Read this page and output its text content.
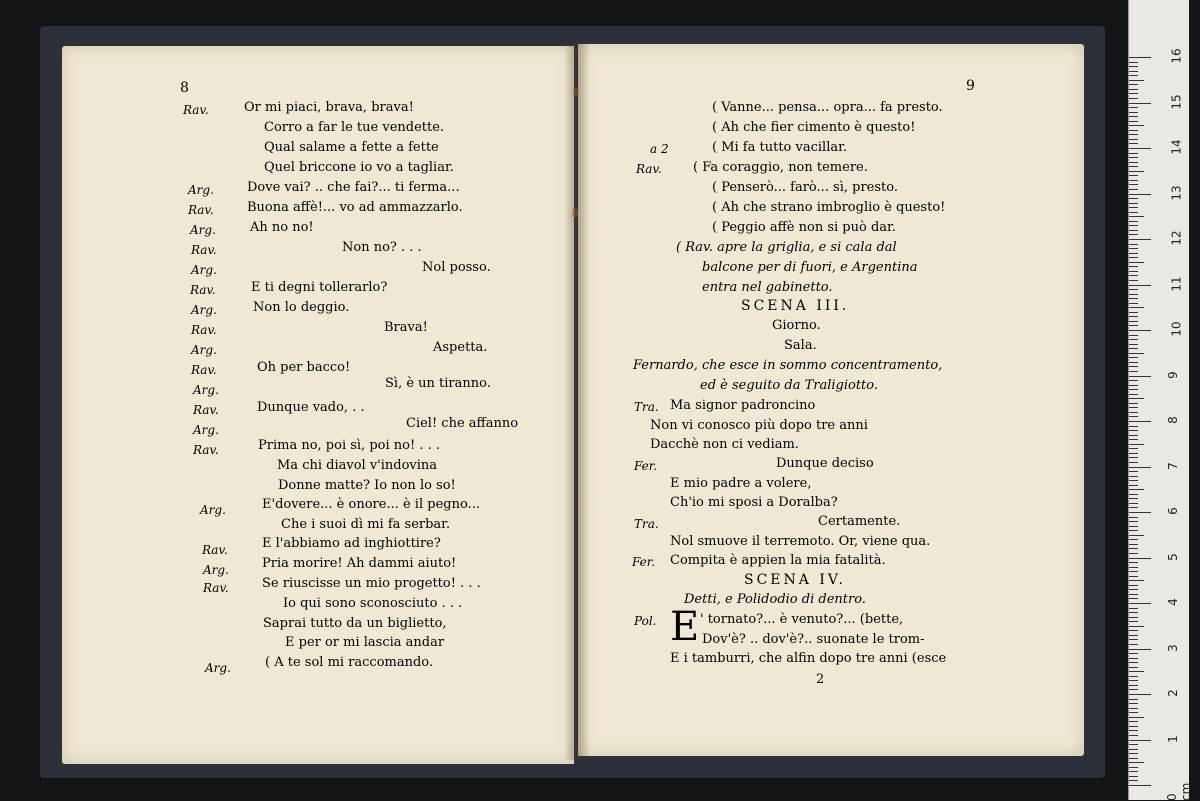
8
Rav.	Or mi piaci, brava, brava!
Corro a far le tue vendette.
Qual salame a fette a fette
Quel briccone io vo a tagliar.
Arg.	Dove vai? .. che fai?... ti ferma...
Rav.	Buona affè!... vo ad ammazzarlo.
Arg.	Ah no no!
Rav.	Non no? . . .
Arg.	Nol posso.
Rav.	E ti degni tollerarlo?
Arg.	Non lo deggio.
Rav.	Brava!
Arg.	Aspetta.
Rav.	Oh per bacco!
Arg.	Sì, è un tiranno.
Rav.	Dunque vado, . .
Arg.	Ciel! che affanno
Rav.	Prima no, poi sì, poi no! . . .
Ma chi diavol v'indovina
Donne matte? Io non lo so!
Arg.	E'dovere... è onore... è il pegno...
Che i suoi dì mi fa serbar.
Rav.	E l'abbiamo ad inghiottire?
Arg.	Pria morire! Ah dammi aiuto!
Rav.	Se riuscisse un mio progetto! . . .
Io qui sono sconosciuto . . .
Saprai tutto da un biglietto,
E per or mi lascia andar
Arg.	( A te sol mi raccomando.
9
( Vanne... pensa... opra... fa presto.
( Ah che fier cimento è questo!
a 2	( Mi fa tutto vacillar.
Rav. ( Fa coraggio, non temere.
( Penserò... farò... sì, presto.
( Ah che strano imbroglio è questo!
( Peggio affè non si può dar.
( Rav. apre la griglia, e si cala dal
balcone per di fuori, e Argentina
entra nel gabinetto.
SCENA III.
Giorno.
Sala.
Fernardo, che esce in sommo concentramento,
ed è seguito da Traligiotto.
Tra. Ma signor padroncino
Non vi conosco più dopo tre anni
Dacchè non ci vediam.
Fer.	Dunque deciso
E mio padre a volere,
Ch'io mi sposi a Doralba?
Tra.	Certamente.
Nol smuove il terremoto. Or, viene qua.
Fer. Compita è appien la mia fatalità.
SCENA IV.
Detti, e Polidodio di dentro.
Pol. E ' tornato?... è venuto?... (bette,
Dov'è? .. dov'è?.. suonate le trom-
E i tamburri, che alfin dopo tre anni (esce
2
0 cm
1
2
3
4
5
6
7
8
9
10
11
12
13
14
15
16
